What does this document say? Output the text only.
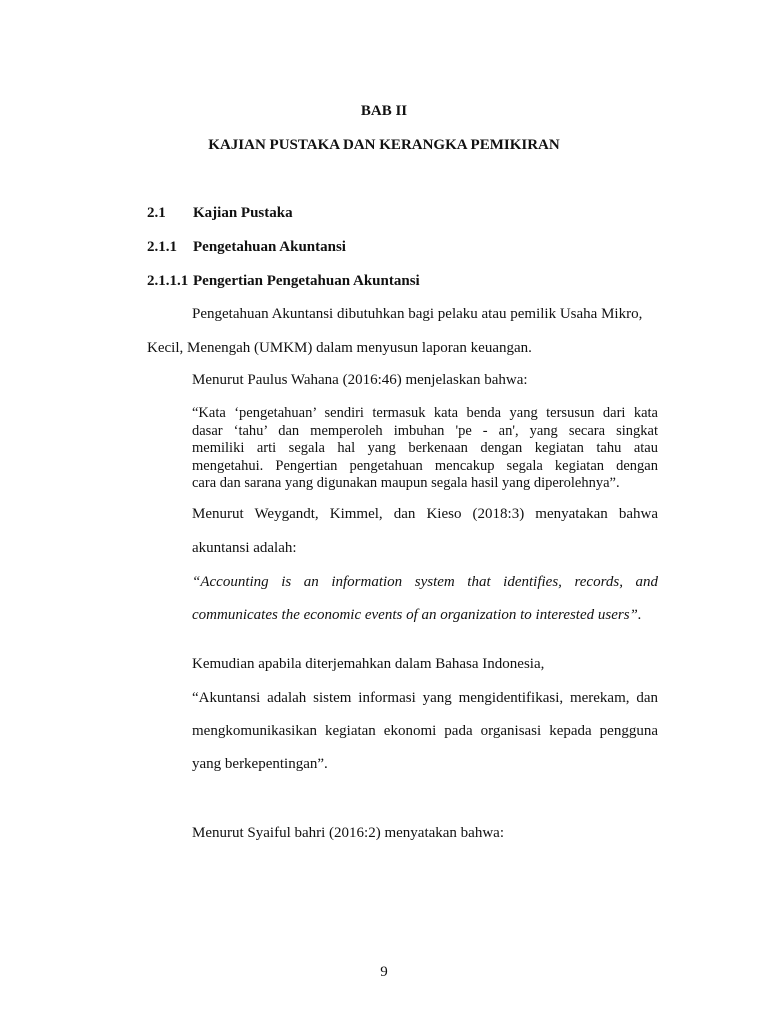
BAB II
KAJIAN PUSTAKA DAN KERANGKA PEMIKIRAN
2.1 Kajian Pustaka
2.1.1 Pengetahuan Akuntansi
2.1.1.1 Pengertian Pengetahuan Akuntansi
Pengetahuan Akuntansi dibutuhkan bagi pelaku atau pemilik Usaha Mikro,
Kecil, Menengah (UMKM) dalam menyusun laporan keuangan.
Menurut Paulus Wahana (2016:46) menjelaskan bahwa:
“Kata ‘pengetahuan’ sendiri termasuk kata benda yang tersusun dari kata
dasar ‘tahu’ dan memperoleh imbuhan 'pe - an', yang secara singkat
memiliki arti segala hal yang berkenaan dengan kegiatan tahu atau
mengetahui. Pengertian pengetahuan mencakup segala kegiatan dengan
cara dan sarana yang digunakan maupun segala hasil yang diperolehnya”.
Menurut Weygandt, Kimmel, dan Kieso (2018:3) menyatakan bahwa
akuntansi adalah:
“Accounting is an information system that identifies, records, and
communicates the economic events of an organization to interested users”.
Kemudian apabila diterjemahkan dalam Bahasa Indonesia,
“Akuntansi adalah sistem informasi yang mengidentifikasi, merekam, dan
mengkomunikasikan kegiatan ekonomi pada organisasi kepada pengguna
yang berkepentingan”.
Menurut Syaiful bahri (2016:2) menyatakan bahwa:
9
